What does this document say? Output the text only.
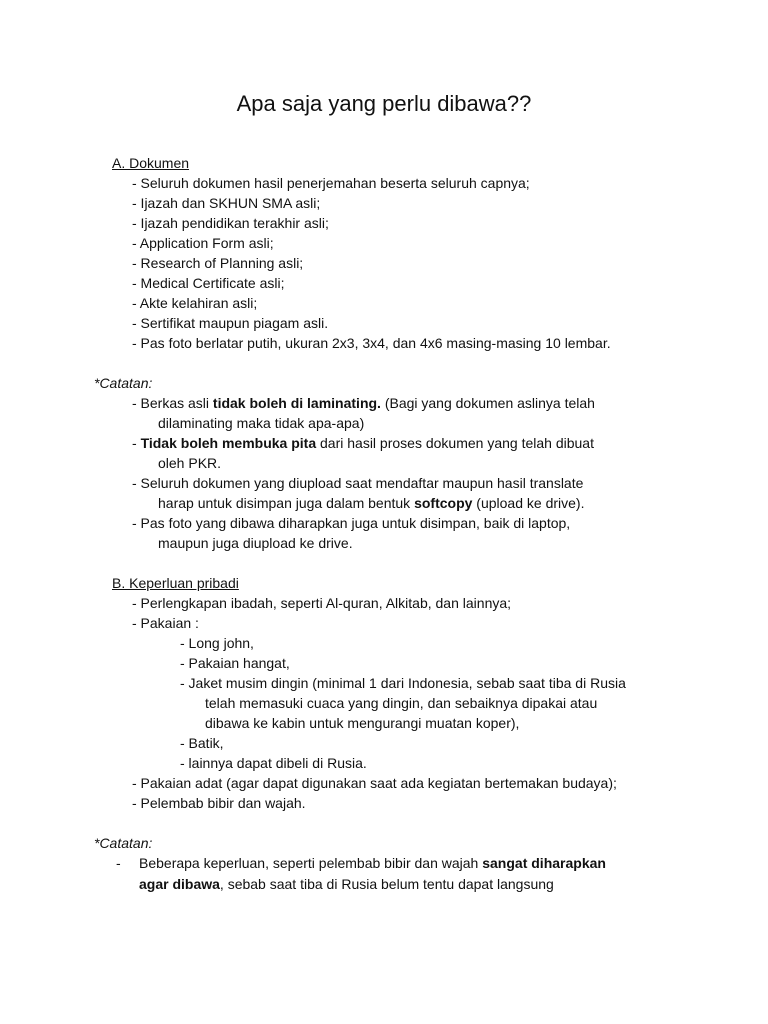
Apa saja yang perlu dibawa??
A. Dokumen
- Seluruh dokumen hasil penerjemahan beserta seluruh capnya;
- Ijazah dan SKHUN SMA asli;
- Ijazah pendidikan terakhir asli;
- Application Form asli;
- Research of Planning asli;
- Medical Certificate asli;
- Akte kelahiran asli;
- Sertifikat maupun piagam asli.
- Pas foto berlatar putih, ukuran 2x3, 3x4, dan 4x6 masing-masing 10 lembar.
*Catatan:
- Berkas asli tidak boleh di laminating. (Bagi yang dokumen aslinya telah
dilaminating maka tidak apa-apa)
- Tidak boleh membuka pita dari hasil proses dokumen yang telah dibuat
oleh PKR.
- Seluruh dokumen yang diupload saat mendaftar maupun hasil translate
harap untuk disimpan juga dalam bentuk softcopy (upload ke drive).
- Pas foto yang dibawa diharapkan juga untuk disimpan, baik di laptop,
maupun juga diupload ke drive.
B. Keperluan pribadi
- Perlengkapan ibadah, seperti Al-quran, Alkitab, dan lainnya;
- Pakaian :
- Long john,
- Pakaian hangat,
- Jaket musim dingin (minimal 1 dari Indonesia, sebab saat tiba di Rusia
telah memasuki cuaca yang dingin, dan sebaiknya dipakai atau
dibawa ke kabin untuk mengurangi muatan koper),
- Batik,
- lainnya dapat dibeli di Rusia.
- Pakaian adat (agar dapat digunakan saat ada kegiatan bertemakan budaya);
- Pelembab bibir dan wajah.
*Catatan:
- Beberapa keperluan, seperti pelembab bibir dan wajah sangat diharapkan
agar dibawa, sebab saat tiba di Rusia belum tentu dapat langsung
